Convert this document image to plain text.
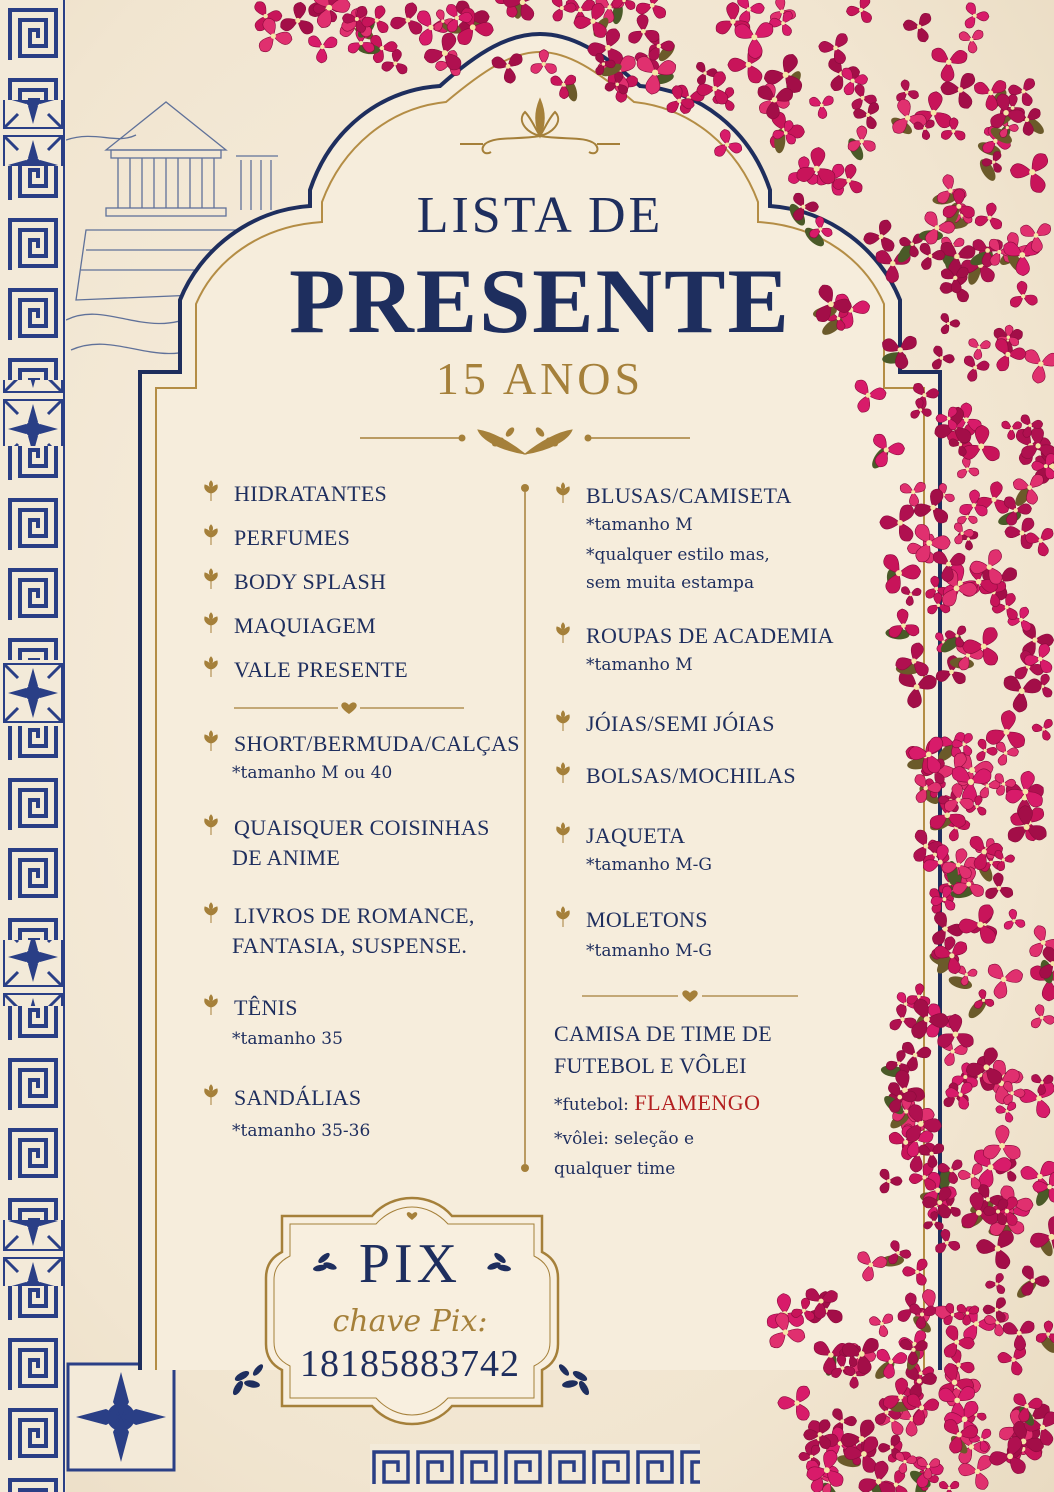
LISTA DE
PRESENTE
15 ANOS
HIDRATANTES
PERFUMES
BODY SPLASH
MAQUIAGEM
VALE PRESENTE
SHORT/BERMUDA/CALÇAS
*tamanho M ou 40
QUAISQUER COISINHAS
DE ANIME
LIVROS DE ROMANCE,
FANTASIA, SUSPENSE.
TÊNIS
*tamanho 35
SANDÁLIAS
*tamanho 35-36
BLUSAS/CAMISETA
*tamanho M
*qualquer estilo mas,
sem muita estampa
ROUPAS DE ACADEMIA
*tamanho M
JÓIAS/SEMI JÓIAS
BOLSAS/MOCHILAS
JAQUETA
*tamanho M-G
MOLETONS
*tamanho M-G
CAMISA DE TIME DE
FUTEBOL E VÔLEI
*futebol: FLAMENGO
*vôlei: seleção e
qualquer time
PIX
chave Pix:
18185883742
